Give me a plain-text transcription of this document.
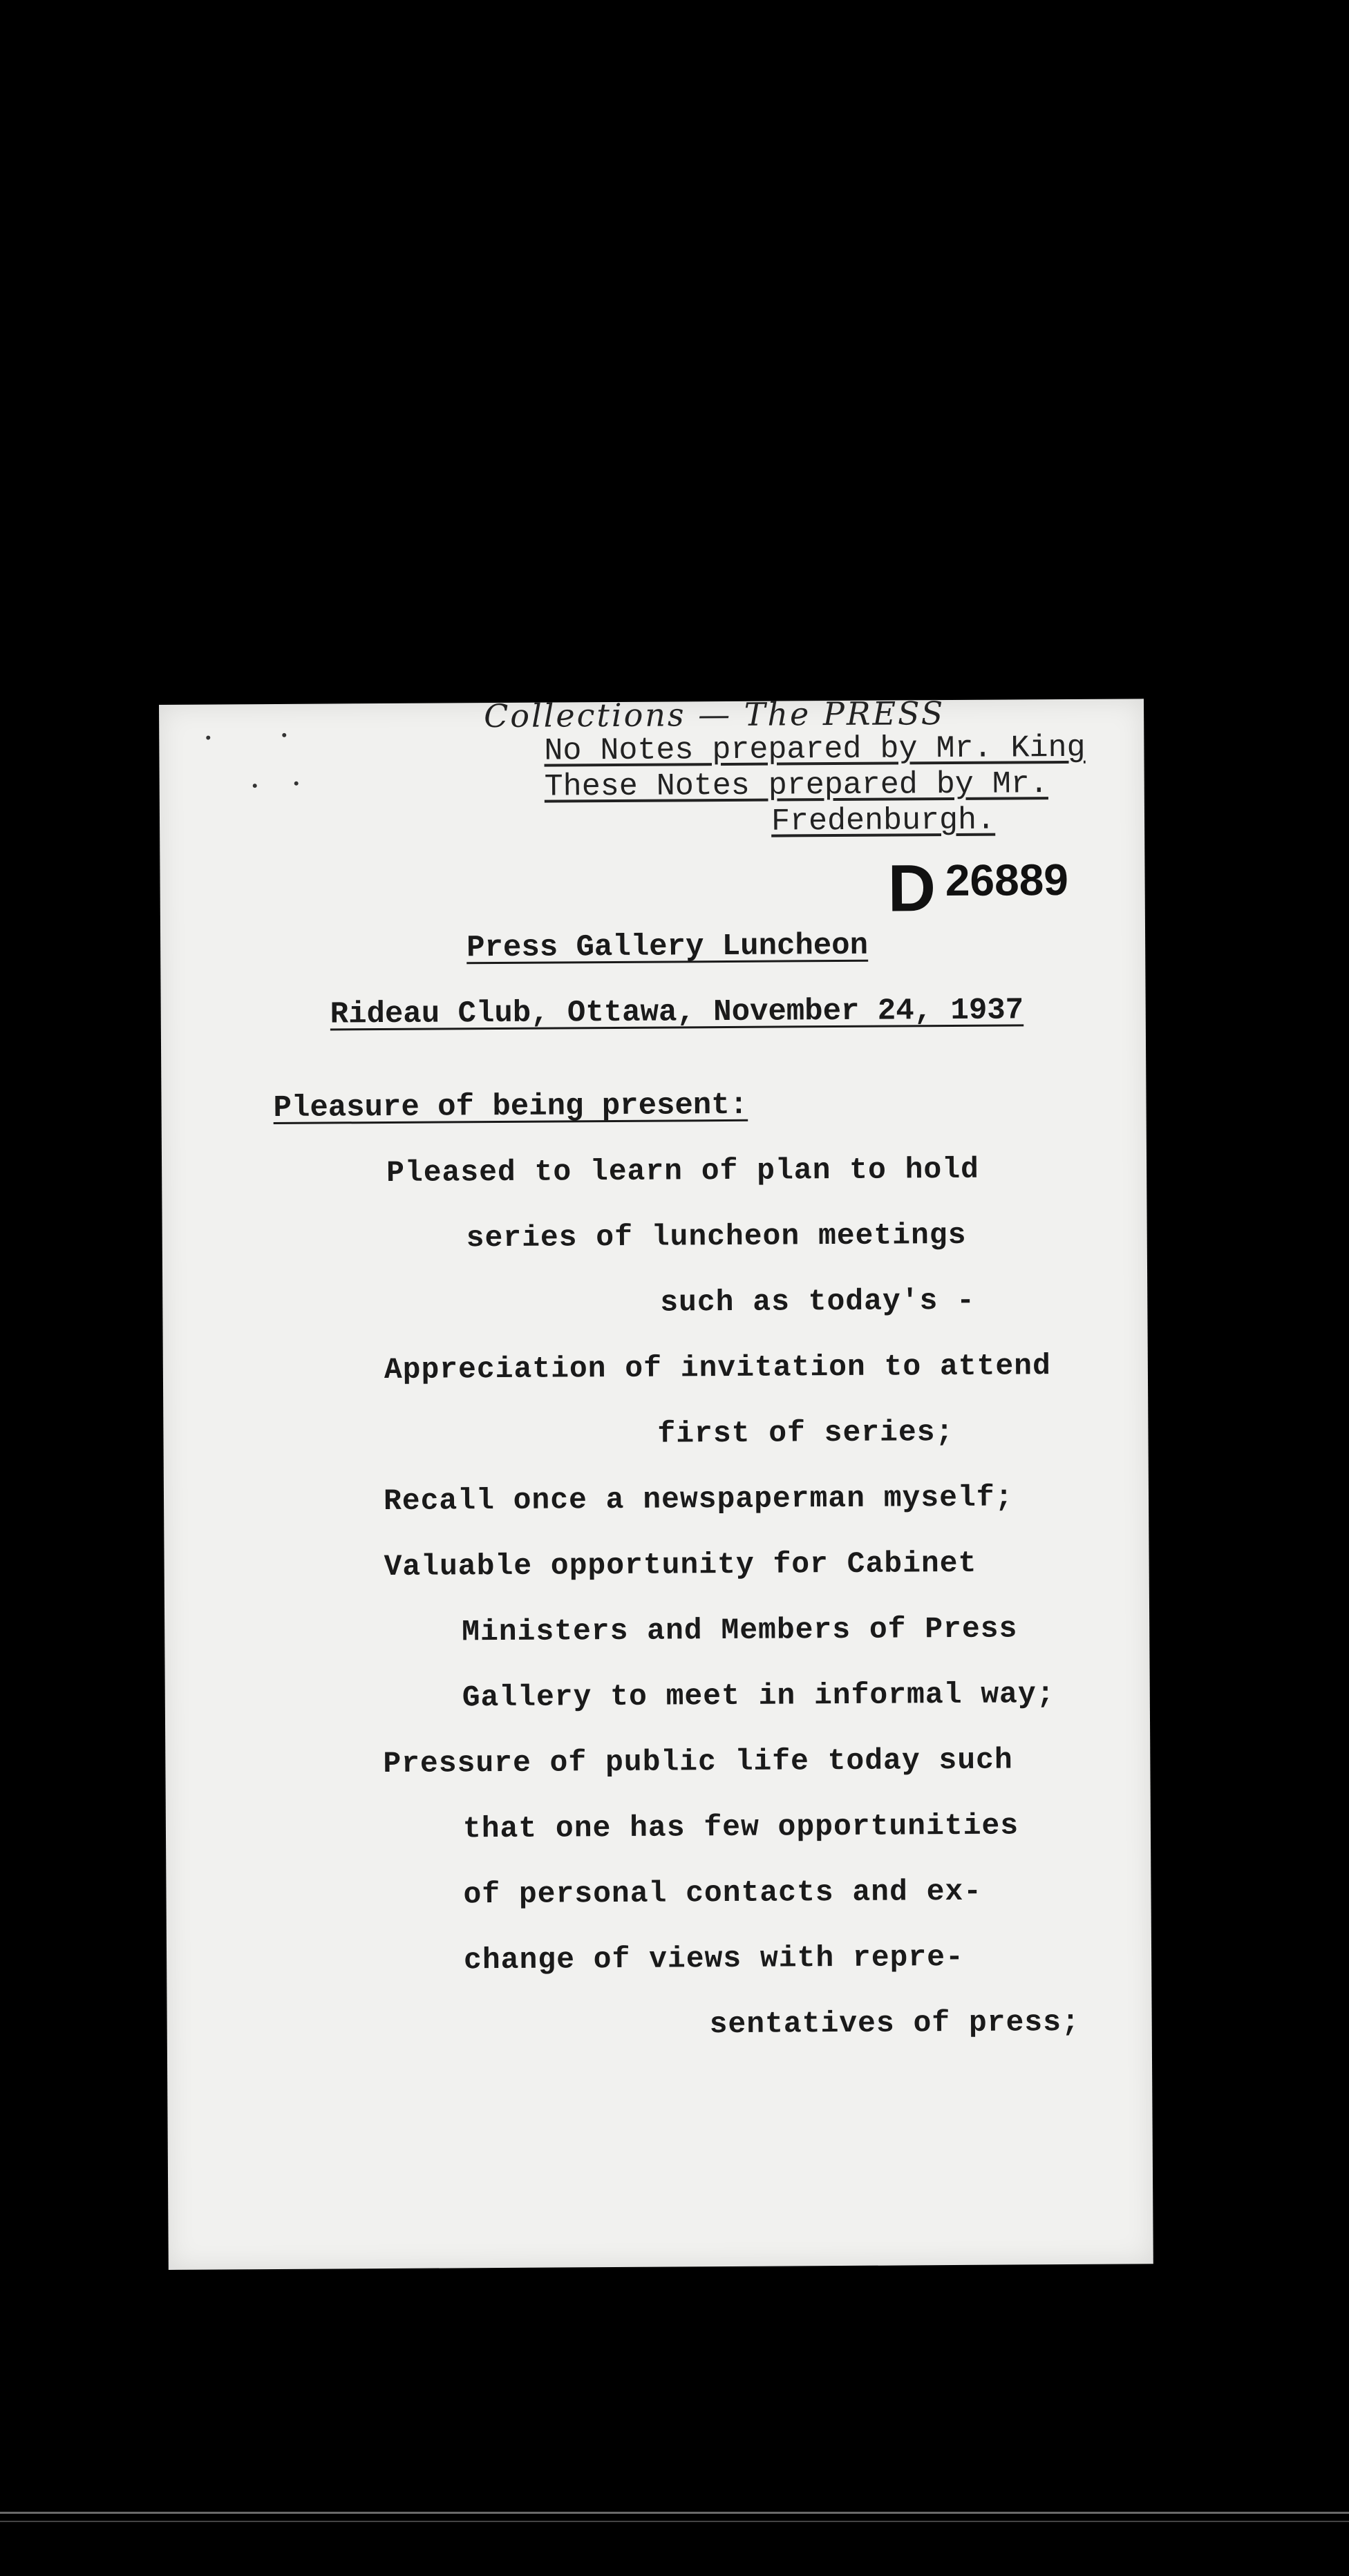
Collections — The PRESS
No Notes prepared by Mr. King
These Notes prepared by Mr.
Fredenburgh.
D 26889
Press Gallery Luncheon
Rideau Club, Ottawa, November 24, 1937
Pleasure of being present:
Pleased to learn of plan to hold
series of luncheon meetings
such as today's -
Appreciation of invitation to attend
first of series;
Recall once a newspaperman myself;
Valuable opportunity for Cabinet
Ministers and Members of Press
Gallery to meet in informal way;
Pressure of public life today such
that one has few opportunities
of personal contacts and ex-
change of views with repre-
sentatives of press;
